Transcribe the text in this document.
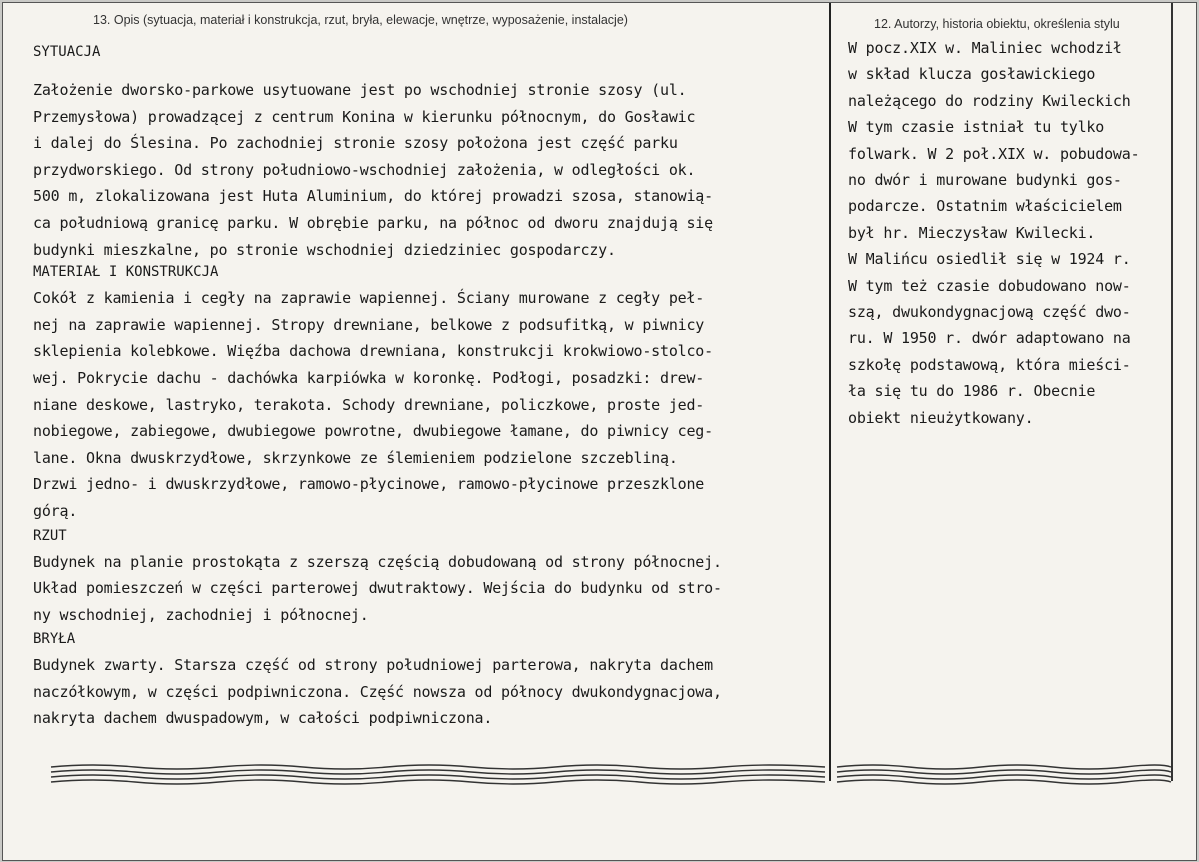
13. Opis (sytuacja, materiał i konstrukcja, rzut, bryła, elewacje, wnętrze, wyposażenie, instalacje)
SYTUACJA
Założenie dworsko-parkowe usytuowane jest po wschodniej stronie szosy (ul.
Przemysłowa) prowadzącej z centrum Konina w kierunku północnym, do Gosławic
i dalej do Ślesina. Po zachodniej stronie szosy położona jest część parku
przydworskiego. Od strony południowo-wschodniej założenia, w odległości ok.
500 m, zlokalizowana jest Huta Aluminium, do której prowadzi szosa, stanowią-
ca południową granicę parku. W obrębie parku, na północ od dworu znajdują się
budynki mieszkalne, po stronie wschodniej dziedziniec gospodarczy.
MATERIAŁ I KONSTRUKCJA
Cokół z kamienia i cegły na zaprawie wapiennej. Ściany murowane z cegły peł-
nej na zaprawie wapiennej. Stropy drewniane, belkowe z podsufitką, w piwnicy
sklepienia kolebkowe. Więźba dachowa drewniana, konstrukcji krokwiowo-stolco-
wej. Pokrycie dachu - dachówka karpiówka w koronkę. Podłogi, posadzki: drew-
niane deskowe, lastryko, terakota. Schody drewniane, policzkowe, proste jed-
nobiegowe, zabiegowe, dwubiegowe powrotne, dwubiegowe łamane, do piwnicy ceg-
lane. Okna dwuskrzydłowe, skrzynkowe ze ślemieniem podzielone szczebliną.
Drzwi jedno- i dwuskrzydłowe, ramowo-płycinowe, ramowo-płycinowe przeszklone
górą.
RZUT
Budynek na planie prostokąta z szerszą częścią dobudowaną od strony północnej.
Układ pomieszczeń w części parterowej dwutraktowy. Wejścia do budynku od stro-
ny wschodniej, zachodniej i północnej.
BRYŁA
Budynek zwarty. Starsza część od strony południowej parterowa, nakryta dachem
naczółkowym, w części podpiwniczona. Część nowsza od północy dwukondygnacjowa,
nakryta dachem dwuspadowym, w całości podpiwniczona.
12. Autorzy, historia obiektu, określenia stylu
W pocz.XIX w. Maliniec wchodził
w skład klucza gosławickiego
należącego do rodziny Kwileckich
W tym czasie istniał tu tylko
folwark. W 2 poł.XIX w. pobudowa-
no dwór i murowane budynki gos-
podarcze. Ostatnim właścicielem
był hr. Mieczysław Kwilecki.
W Malińcu osiedlił się w 1924 r.
W tym też czasie dobudowano now-
szą, dwukondygnacjową część dwo-
ru. W 1950 r. dwór adaptowano na
szkołę podstawową, która mieści-
ła się tu do 1986 r. Obecnie
obiekt nieużytkowany.
